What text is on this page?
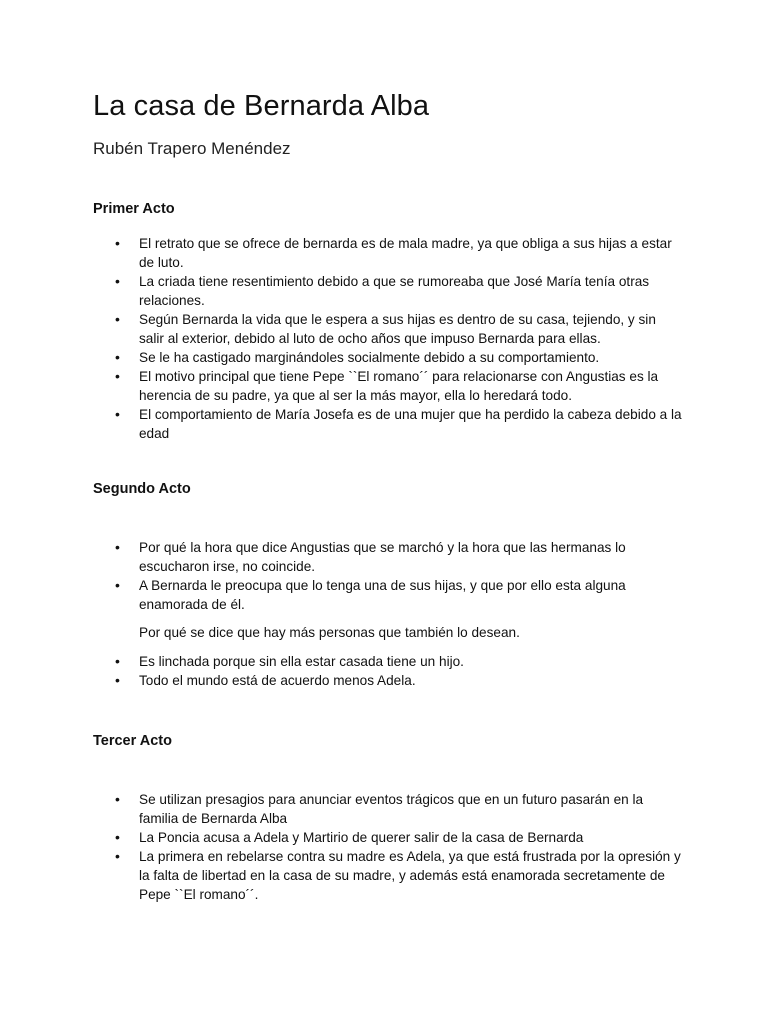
La casa de Bernarda Alba

Rubén Trapero Menéndez

Primer Acto
• El retrato que se ofrece de bernarda es de mala madre, ya que obliga a sus hijas a estar de luto.
• La criada tiene resentimiento debido a que se rumoreaba que José María tenía otras relaciones.
• Según Bernarda la vida que le espera a sus hijas es dentro de su casa, tejiendo, y sin salir al exterior, debido al luto de ocho años que impuso Bernarda para ellas.
• Se le ha castigado marginándoles socialmente debido a su comportamiento.
• El motivo principal que tiene Pepe ``El romano´´ para relacionarse con Angustias es la herencia de su padre, ya que al ser la más mayor, ella lo heredará todo.
• El comportamiento de María Josefa es de una mujer que ha perdido la cabeza debido a la edad
Segundo Acto
• Por qué la hora que dice Angustias que se marchó y la hora que las hermanas lo escucharon irse, no coincide.
• A Bernarda le preocupa que lo tenga una de sus hijas, y que por ello esta alguna enamorada de él.

Por qué se dice que hay más personas que también lo desean.

• Es linchada porque sin ella estar casada tiene un hijo.
• Todo el mundo está de acuerdo menos Adela.
Tercer Acto
• Se utilizan presagios para anunciar eventos trágicos que en un futuro pasarán en la familia de Bernarda Alba
• La Poncia acusa a Adela y Martirio de querer salir de la casa de Bernarda
• La primera en rebelarse contra su madre es Adela, ya que está frustrada por la opresión y la falta de libertad en la casa de su madre, y además está enamorada secretamente de Pepe ``El romano´´.
